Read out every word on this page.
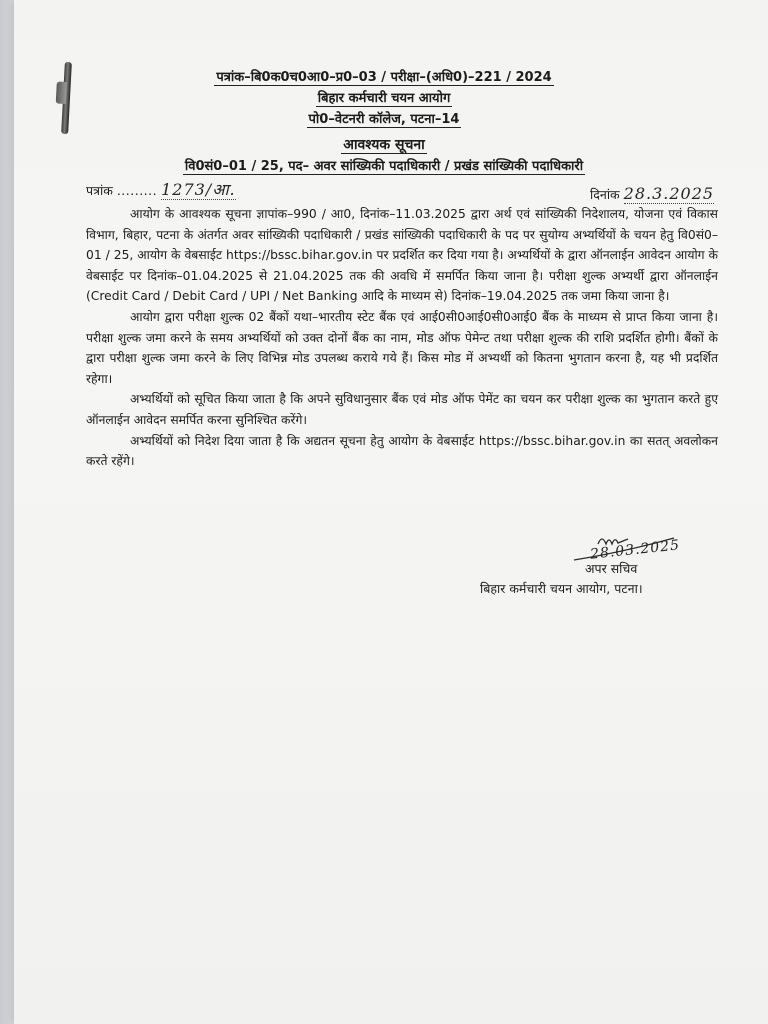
पत्रांक–बि0क0च0आ0–प्र0–03 / परीक्षा–(अधि0)–221 / 2024
बिहार कर्मचारी चयन आयोग
पो0–वेटनरी कॉलेज, पटना–14
आवश्यक सूचना
वि0सं0–01 / 25, पद– अवर सांख्यिकी पदाधिकारी / प्रखंड सांख्यिकी पदाधिकारी
पत्रांक ......... 1273/आ.	दिनांक 28.3.2025

आयोग के आवश्यक सूचना ज्ञापांक–990 / आ0, दिनांक–11.03.2025 द्वारा अर्थ एवं सांख्यिकी निदेशालय, योजना एवं विकास विभाग, बिहार, पटना के अंतर्गत अवर सांख्यिकी पदाधिकारी / प्रखंड सांख्यिकी पदाधिकारी के पद पर सुयोग्य अभ्यर्थियों के चयन हेतु वि0सं0–01 / 25, आयोग के वेबसाईट https://bssc.bihar.gov.in पर प्रदर्शित कर दिया गया है। अभ्यर्थियों के द्वारा ऑनलाईन आवेदन आयोग के वेबसाईट पर दिनांक–01.04.2025 से 21.04.2025 तक की अवधि में समर्पित किया जाना है। परीक्षा शुल्क अभ्यर्थी द्वारा ऑनलाईन (Credit Card / Debit Card / UPI / Net Banking आदि के माध्यम से) दिनांक–19.04.2025 तक जमा किया जाना है।

आयोग द्वारा परीक्षा शुल्क 02 बैंकों यथा–भारतीय स्टेट बैंक एवं आई0सी0आई0सी0आई0 बैंक के माध्यम से प्राप्त किया जाना है। परीक्षा शुल्क जमा करने के समय अभ्यर्थियों को उक्त दोनों बैंक का नाम, मोड ऑफ पेमेन्ट तथा परीक्षा शुल्क की राशि प्रदर्शित होगी। बैंकों के द्वारा परीक्षा शुल्क जमा करने के लिए विभिन्न मोड उपलब्ध कराये गये हैं। किस मोड में अभ्यर्थी को कितना भुगतान करना है, यह भी प्रदर्शित रहेगा।

अभ्यर्थियों को सूचित किया जाता है कि अपने सुविधानुसार बैंक एवं मोड ऑफ पेमेंट का चयन कर परीक्षा शुल्क का भुगतान करते हुए ऑनलाईन आवेदन समर्पित करना सुनिश्चित करेंगे।

अभ्यर्थियों को निदेश दिया जाता है कि अद्यतन सूचना हेतु आयोग के वेबसाईट https://bssc.bihar.gov.in का सतत् अवलोकन करते रहेंगे।

28.03.2025
अपर सचिव
बिहार कर्मचारी चयन आयोग, पटना।
